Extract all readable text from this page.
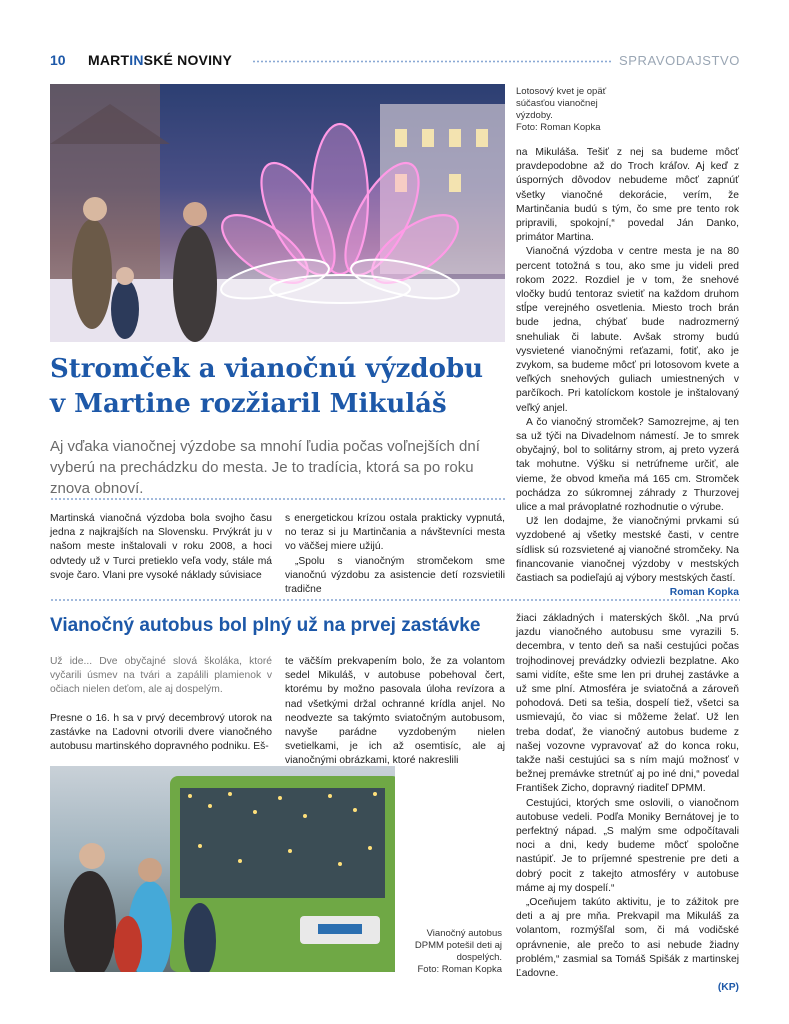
10 MARTINSKÉ NOVINY	SPRAVODAJSTVO
Lotosový kvet je opäť
súčasťou vianočnej
výzdoby.
Foto: Roman Kopka
Stromček a vianočnú výzdobu
v Martine rozžiaril Mikuláš
Aj vďaka vianočnej výzdobe sa mnohí ľudia počas voľnejších dní vyberú na prechádzku do mesta. Je to tradícia, ktorá sa po roku znova obnoví.

Martinská vianočná výzdoba bola svojho času jedna z najkrajších na Slovensku. Prvýkrát ju v našom meste inštalovali v roku 2008, a hoci odvtedy už v Turci pretieklo veľa vody, stále má svoje čaro. Vlani pre vysoké náklady súvisiace

s energetickou krízou ostala prakticky vypnutá, no teraz si ju Martinčania a návštevníci mesta vo väčšej miere užijú.

„Spolu s vianočným stromčekom sme vianočnú výzdobu za asistencie detí rozsvietili tradične

na Mikuláša. Tešiť z nej sa budeme môcť pravdepodobne až do Troch kráľov. Aj keď z úsporných dôvodov nebudeme môcť zapnúť všetky vianočné dekorácie, verím, že Martinčania budú s tým, čo sme pre tento rok pripravili, spokojní,“ povedal Ján Danko, primátor Martina.

Vianočná výzdoba v centre mesta je na 80 percent totožná s tou, ako sme ju videli pred rokom 2022. Rozdiel je v tom, že snehové vločky budú tentoraz svietiť na každom druhom stĺpe verejného osvetlenia. Miesto troch brán bude jedna, chýbať bude nadrozmerný snehuliak či labute. Avšak stromy budú vysvietené vianočnými reťazami, fotiť, ako je zvykom, sa budeme môcť pri lotosovom kvete a veľkých snehových guliach umiestnených v parčíkoch. Pri katolíckom kostole je inštalovaný veľký anjel.

A čo vianočný stromček? Samozrejme, aj ten sa už týči na Divadelnom námestí. Je to smrek obyčajný, bol to solitárny strom, aj preto vyzerá tak mohutne. Výšku si netrúfneme určiť, ale vieme, že obvod kmeňa má 165 cm. Stromček pochádza zo súkromnej záhrady z Thurzovej ulice a mal právoplatné rozhodnutie o výrube.

Už len dodajme, že vianočnými prvkami sú vyzdobené aj všetky mestské časti, v centre sídlisk sú rozsvietené aj vianočné stromčeky. Na financovanie vianočnej výzdoby v mestských častiach sa podieľajú aj výbory mestských častí.

Roman Kopka
Vianočný autobus bol plný už na prvej zastávke

Už ide... Dve obyčajné slová školáka, ktoré vyčarili úsmev na tvári a zapálili plamienok v očiach nielen deťom, ale aj dospelým.

Presne o 16. h sa v prvý decembrový utorok na zastávke na Ľadovni otvorili dvere vianočného autobusu martinského dopravného podniku. Eš-

te väčším prekvapením bolo, že za volantom sedel Mikuláš, v autobuse pobehoval čert, ktorému by možno pasovala úloha revízora a nad všetkými držal ochranné krídla anjel. No neodvezte sa takýmto sviatočným autobusom, navyše parádne vyzdobeným nielen svetielkami, je ich až osemtisíc, ale aj vianočnými obrázkami, ktoré nakreslili

Vianočný autobus
DPMM potešil deti aj
dospelých.
Foto: Roman Kopka

žiaci základných i materských škôl. „Na prvú jazdu vianočného autobusu sme vyrazili 5. decembra, v tento deň sa naši cestujúci počas trojhodinovej prevádzky odviezli bezplatne. Ako sami vidíte, ešte sme len pri druhej zastávke a už sme plní. Atmosféra je sviatočná a zároveň pohodová. Deti sa tešia, dospelí tiež, všetci sa usmievajú, čo viac si môžeme želať. Už len treba dodať, že vianočný autobus budeme z našej vozovne vypravovať až do konca roku, takže naši cestujúci sa s ním majú možnosť v bežnej premávke stretnúť aj po iné dni,“ povedal František Zicho, dopravný riaditeľ DPMM.

Cestujúci, ktorých sme oslovili, o vianočnom autobuse vedeli. Podľa Moniky Bernátovej je to perfektný nápad. „S malým sme odpočítavali noci a dni, kedy budeme môcť spoločne nastúpiť. Je to príjemné spestrenie pre deti a dobrý pocit z takejto atmosféry v autobuse máme aj my dospelí.“

„Oceňujem takúto aktivitu, je to zážitok pre deti a aj pre mňa. Prekvapil ma Mikuláš za volantom, rozmýšľal som, či má vodičské oprávnenie, ale prečo to asi nebude žiadny problém,“ zasmial sa Tomáš Spišák z martinskej Ľadovne.

(KP)
